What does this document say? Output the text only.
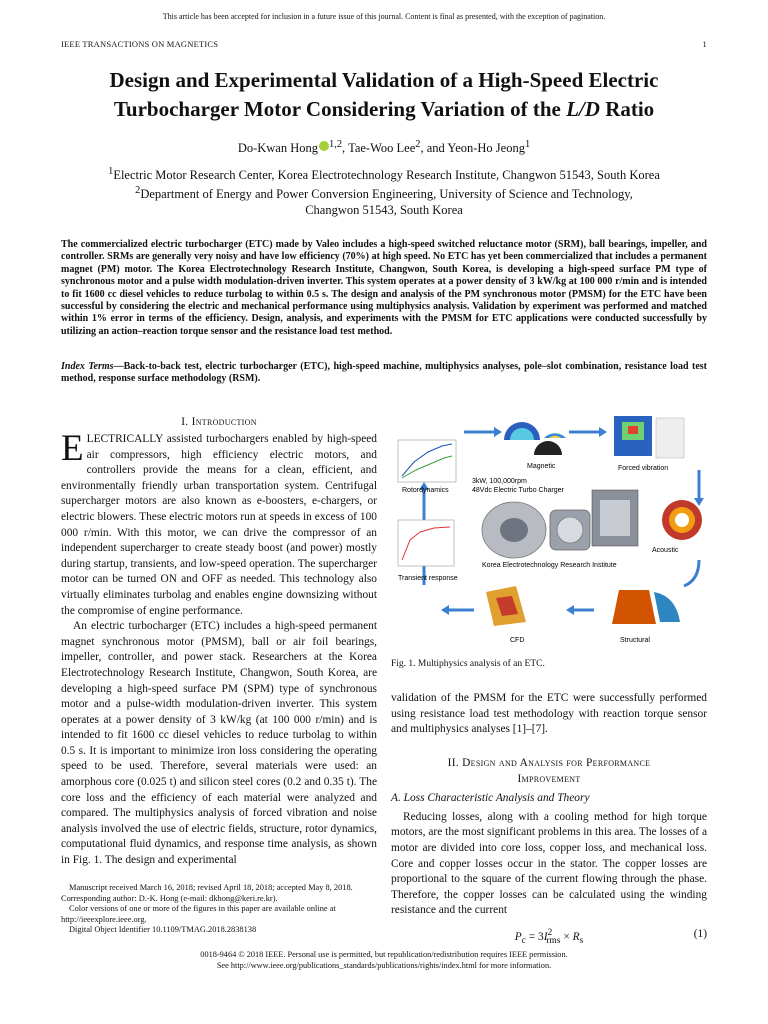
This article has been accepted for inclusion in a future issue of this journal. Content is final as presented, with the exception of pagination.
IEEE TRANSACTIONS ON MAGNETICS	1
Design and Experimental Validation of a High-Speed Electric
Turbocharger Motor Considering Variation of the L/D Ratio
Do-Kwan Hong $^{1,2}$, Tae-Woo Lee$^2$, and Yeon-Ho Jeong$^1$
$^1$Electric Motor Research Center, Korea Electrotechnology Research Institute, Changwon 51543, South Korea
$^2$Department of Energy and Power Conversion Engineering, University of Science and Technology,
Changwon 51543, South Korea
The commercialized electric turbocharger (ETC) made by Valeo includes a high-speed switched reluctance motor (SRM), ball bearings, impeller, and controller. SRMs are generally very noisy and have low efficiency (70%) at high speed. No ETC has yet been commercialized that includes a permanent magnet (PM) motor. The Korea Electrotechnology Research Institute, Changwon, South Korea, is developing a high-speed surface PM type of synchronous motor and a pulse width modulation-driven inverter. This system operates at a power density of 3 kW/kg at 100 000 r/min and is intended to fit 1600 cc diesel vehicles to reduce turbolag to within 0.5 s. The design and analysis of the PM synchronous motor (PMSM) for the ETC have been successful by considering the electric and mechanical performance using multiphysics analysis. Validation by experiment was performed and matched within 1% error in terms of the efficiency. Design, analysis, and experiments with the PMSM for ETC applications were conducted successfully by utilizing an action–reaction torque sensor and the resistance load test method.
Index Terms—Back-to-back test, electric turbocharger (ETC), high-speed machine, multiphysics analyses, pole–slot combination, resistance load test method, response surface methodology (RSM).
I. Introduction
ELECTRICALLY assisted turbochargers enabled by high-speed air compressors, high efficiency electric motors, and controllers provide the means for a clean, efficient, and environmentally friendly urban transportation system. Centrifugal supercharger motors are also known as e-boosters, e-chargers, or electric blowers. These electric motors run at speeds in excess of 100 000 r/min. With this motor, we can drive the compressor of an independent supercharger to create steady boost (and power) mostly during startup, transients, and low-speed operation. The supercharger motor can be turned ON and OFF as needed. This technology also virtually eliminates turbolag and enables engine downsizing without the compromise of engine performance.
An electric turbocharger (ETC) includes a high-speed permanent magnet synchronous motor (PMSM), ball or air foil bearings, impeller, controller, and power stack. Researchers at the Korea Electrotechnology Research Institute, Changwon, South Korea, are developing a high-speed surface PM (SPM) type of synchronous motor and a pulse-width modulation-driven inverter. This system operates at a power density of 3 kW/kg (at 100 000 r/min) and is intended to fit 1600 cc diesel vehicles to reduce turbolag to within 0.5 s. It is important to minimize iron loss considering the operating speed to be used. Therefore, several materials were used: an amorphous core (0.025 t) and silicon steel cores (0.2 and 0.35 t). The core loss and the efficiency of each material were analyzed and compared. The multiphysics analysis of forced vibration and noise analysis involved the use of electric fields, structure, rotor dynamics, computational fluid dynamics, and response time analysis, as shown in Fig. 1. The design and experimental

Manuscript received March 16, 2018; revised April 18, 2018; accepted May 8, 2018. Corresponding author: D.-K. Hong (e-mail: dkhong@keri.re.kr).

Color versions of one or more of the figures in this paper are available online at http://ieeexplore.ieee.org.

Digital Object Identifier 10.1109/TMAG.2018.2838138

Magnetic	Forced vibration
Rotordynamics
3kW, 100,000rpm
48Vdc Electric Turbo Charger
Acoustic
Korea Electrotechnology Research Institute
Transient response
CFD	Structural
Fig. 1. Multiphysics analysis of an ETC.
validation of the PMSM for the ETC were successfully performed using resistance load test methodology with reaction torque sensor and multiphysics analyses [1]–[7].
II. Design and Analysis for Performance
Improvement
A. Loss Characteristic Analysis and Theory
Reducing losses, along with a cooling method for high torque motors, are the most significant problems in this area. The losses of a motor are divided into core loss, copper loss, and mechanical loss. Core and copper losses occur in the stator. The copper losses are proportional to the square of the current flowing through the phase. Therefore, the copper losses can be calculated using the winding resistance and the current
$P_c = 3I^2_{rms} \times R_s$
(1)
0018-9464 © 2018 IEEE. Personal use is permitted, but republication/redistribution requires IEEE permission.
See http://www.ieee.org/publications_standards/publications/rights/index.html for more information.
